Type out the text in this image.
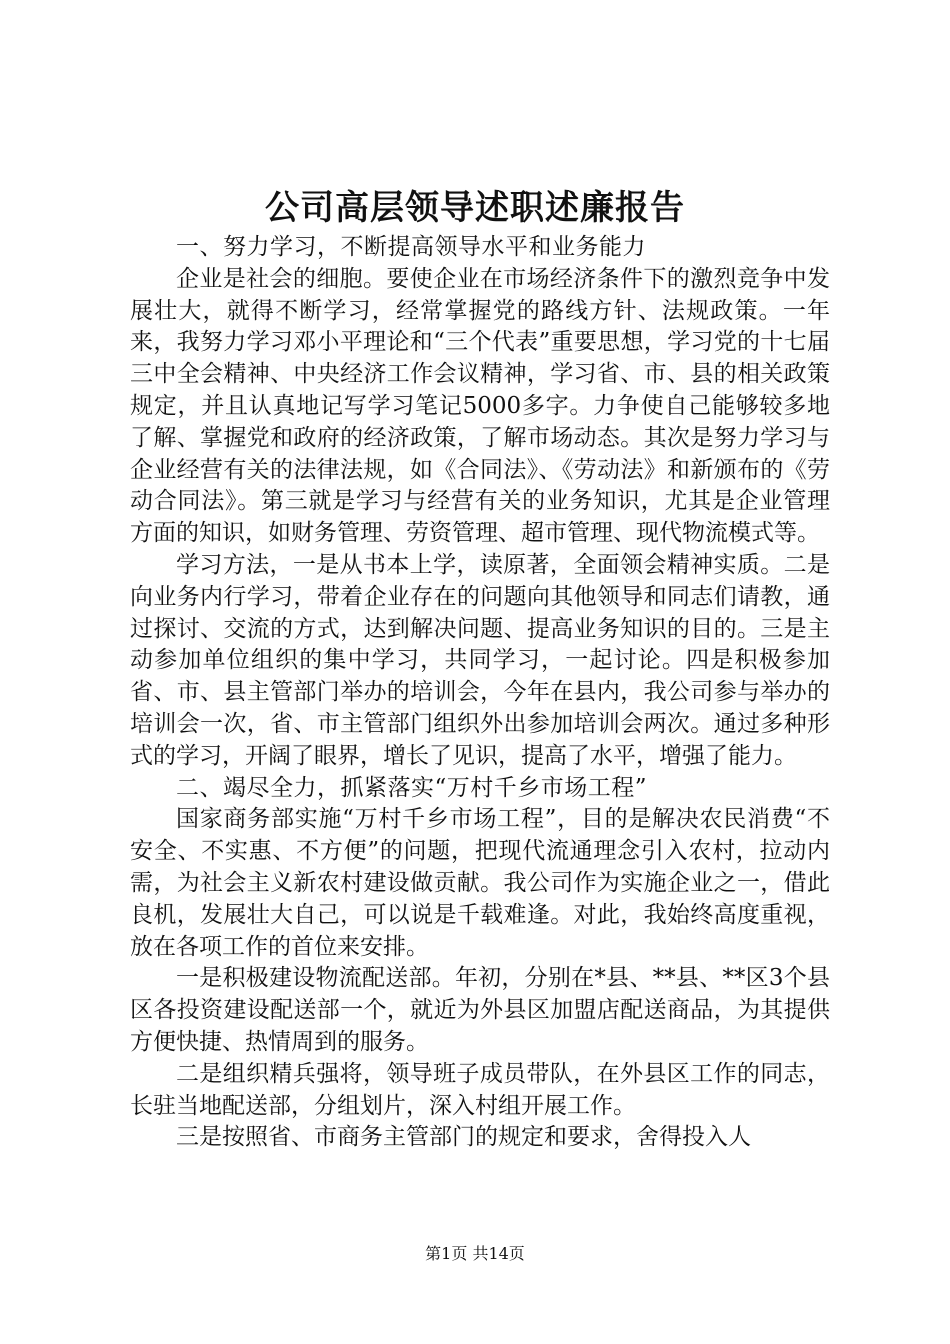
公司高层领导述职述廉报告

一、努力学习，不断提高领导水平和业务能力

企业是社会的细胞。要使企业在市场经济条件下的激烈竞争中发展壮大，就得不断学习，经常掌握党的路线方针、法规政策。一年来，我努力学习邓小平理论和“三个代表”重要思想，学习党的十七届三中全会精神、中央经济工作会议精神，学习省、市、县的相关政策规定，并且认真地记写学习笔记5000多字。力争使自己能够较多地了解、掌握党和政府的经济政策，了解市场动态。其次是努力学习与企业经营有关的法律法规，如《合同法》、《劳动法》和新颁布的《劳动合同法》。第三就是学习与经营有关的业务知识，尤其是企业管理方面的知识，如财务管理、劳资管理、超市管理、现代物流模式等。

学习方法，一是从书本上学，读原著，全面领会精神实质。二是向业务内行学习，带着企业存在的问题向其他领导和同志们请教，通过探讨、交流的方式，达到解决问题、提高业务知识的目的。三是主动参加单位组织的集中学习，共同学习，一起讨论。四是积极参加省、市、县主管部门举办的培训会，今年在县内，我公司参与举办的培训会一次，省、市主管部门组织外出参加培训会两次。通过多种形式的学习，开阔了眼界，增长了见识，提高了水平，增强了能力。

二、竭尽全力，抓紧落实“万村千乡市场工程”

国家商务部实施“万村千乡市场工程”，目的是解决农民消费“不安全、不实惠、不方便”的问题，把现代流通理念引入农村，拉动内需，为社会主义新农村建设做贡献。我公司作为实施企业之一，借此良机，发展壮大自己，可以说是千载难逢。对此，我始终高度重视，放在各项工作的首位来安排。

一是积极建设物流配送部。年初，分别在*县、**县、**区3个县区各投资建设配送部一个，就近为外县区加盟店配送商品，为其提供方便快捷、热情周到的服务。

二是组织精兵强将，领导班子成员带队，在外县区工作的同志，长驻当地配送部，分组划片，深入村组开展工作。

三是按照省、市商务主管部门的规定和要求，舍得投入人

第1页 共14页
